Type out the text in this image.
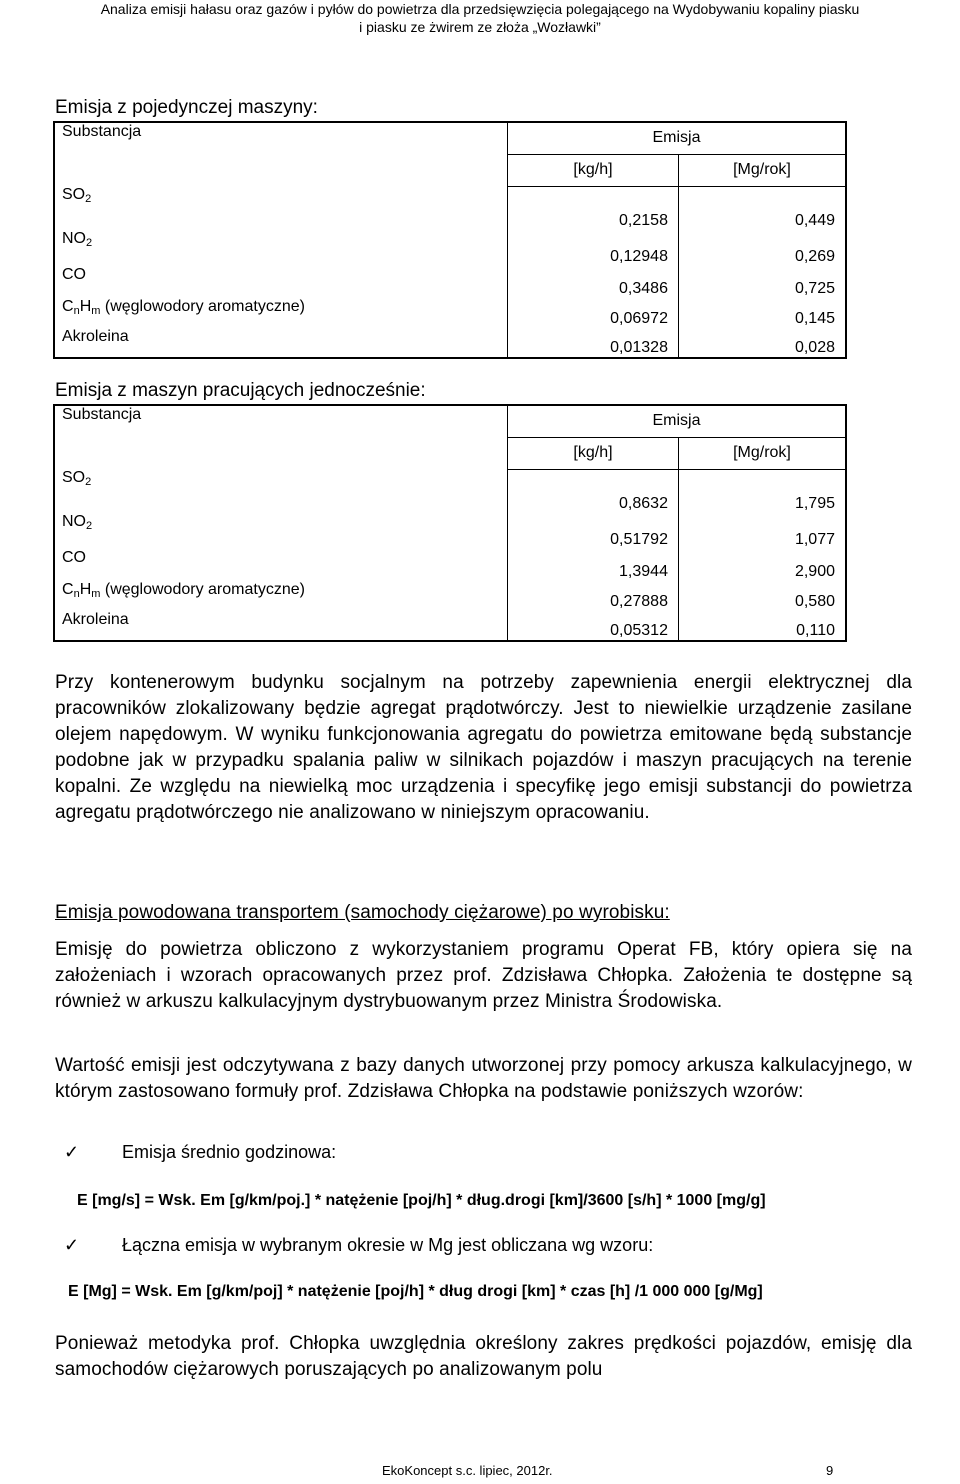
Analiza emisji hałasu oraz gazów i pyłów do powietrza dla przedsięwzięcia polegającego na Wydobywaniu kopaliny piasku
i piasku ze żwirem ze złoża „Wozławki”
Emisja z pojedynczej maszyny:
Substancja	Emisja	
	[kg/h]	[Mg/rok]
$SO_2$	0,2158	0,449
$NO_2$	0,12948	0,269
CO	0,3486	0,725
$C_nH_m$ (węglowodory aromatyczne)	0,06972	0,145
Akroleina	0,01328	0,028
Emisja z maszyn pracujących jednocześnie:
Substancja	Emisja	
	[kg/h]	[Mg/rok]
$SO_2$	0,8632	1,795
$NO_2$	0,51792	1,077
CO	1,3944	2,900
$C_nH_m$ (węglowodory aromatyczne)	0,27888	0,580
Akroleina	0,05312	0,110

Przy kontenerowym budynku socjalnym na potrzeby zapewnienia energii elektrycznej dla pracowników zlokalizowany będzie agregat prądotwórczy. Jest to niewielkie urządzenie zasilane olejem napędowym. W wyniku funkcjonowania agregatu do powietrza emitowane będą substancje podobne jak w przypadku spalania paliw w silnikach pojazdów i maszyn pracujących na terenie kopalni. Ze względu na niewielką moc urządzenia i specyfikę jego emisji substancji do powietrza agregatu prądotwórczego nie analizowano w niniejszym opracowaniu.

Emisja powodowana transportem (samochody ciężarowe) po wyrobisku:

Emisję do powietrza obliczono z wykorzystaniem programu Operat FB, który opiera się na założeniach i wzorach opracowanych przez prof. Zdzisława Chłopka. Założenia te dostępne są również w arkuszu kalkulacyjnym dystrybuowanym przez Ministra Środowiska.

Wartość emisji jest odczytywana z bazy danych utworzonej przy pomocy arkusza kalkulacyjnego, w którym zastosowano formuły prof. Zdzisława Chłopka na podstawie poniższych wzorów:

✓ Emisja średnio godzinowa:
E [mg/s] = Wsk. Em [g/km/poj.] * natężenie [poj/h] * dług.drogi [km]/3600 [s/h] * 1000 [mg/g]
✓ Łączna emisja w wybranym okresie w Mg jest obliczana wg wzoru:
E [Mg] = Wsk. Em [g/km/poj] * natężenie [poj/h] * dług drogi [km] * czas [h] /1 000 000 [g/Mg]

Ponieważ metodyka prof. Chłopka uwzględnia określony zakres prędkości pojazdów, emisję dla samochodów ciężarowych poruszających po analizowanym polu

EkoKoncept s.c. lipiec, 2012r.	9
